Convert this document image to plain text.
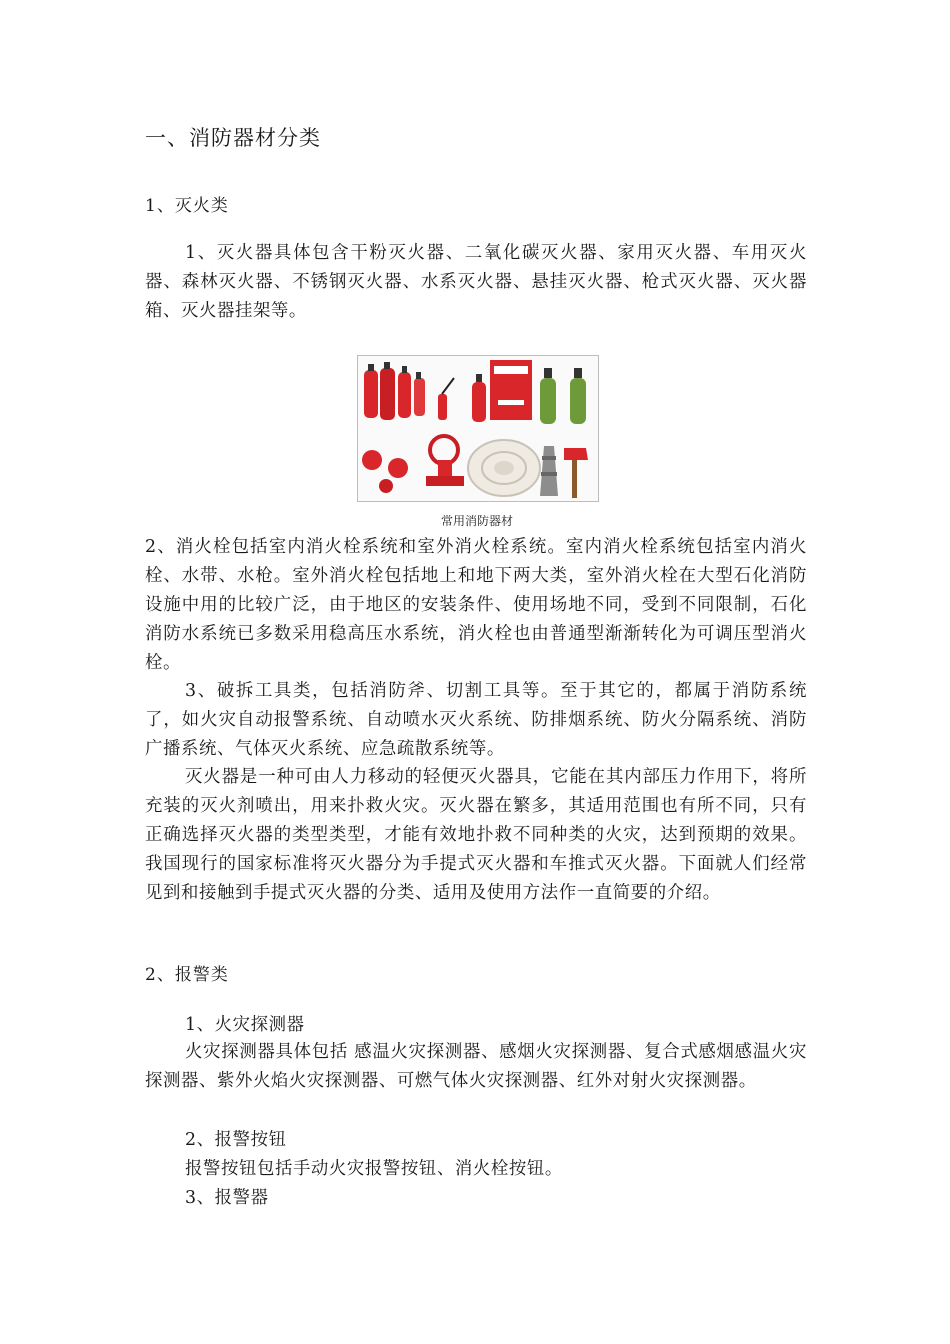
一、消防器材分类
1、灭火类

1、灭火器具体包含干粉灭火器、二氧化碳灭火器、家用灭火器、车用灭火器、森林灭火器、不锈钢灭火器、水系灭火器、悬挂灭火器、枪式灭火器、灭火器箱、灭火器挂架等。

常用消防器材

2、消火栓包括室内消火栓系统和室外消火栓系统。室内消火栓系统包括室内消火栓、水带、水枪。室外消火栓包括地上和地下两大类，室外消火栓在大型石化消防设施中用的比较广泛，由于地区的安装条件、使用场地不同，受到不同限制，石化消防水系统已多数采用稳高压水系统，消火栓也由普通型渐渐转化为可调压型消火栓。

3、破拆工具类，包括消防斧、切割工具等。至于其它的，都属于消防系统了，如火灾自动报警系统、自动喷水灭火系统、防排烟系统、防火分隔系统、消防广播系统、气体灭火系统、应急疏散系统等。

灭火器是一种可由人力移动的轻便灭火器具，它能在其内部压力作用下，将所充装的灭火剂喷出，用来扑救火灾。灭火器在繁多，其适用范围也有所不同，只有正确选择灭火器的类型类型，才能有效地扑救不同种类的火灾，达到预期的效果。我国现行的国家标准将灭火器分为手提式灭火器和车推式灭火器。下面就人们经常见到和接触到手提式灭火器的分类、适用及使用方法作一直简要的介绍。

2、报警类
1、火灾探测器

火灾探测器具体包括 感温火灾探测器、感烟火灾探测器、复合式感烟感温火灾探测器、紫外火焰火灾探测器、可燃气体火灾探测器、红外对射火灾探测器。

2、报警按钮
报警按钮包括手动火灾报警按钮、消火栓按钮。
3、报警器
